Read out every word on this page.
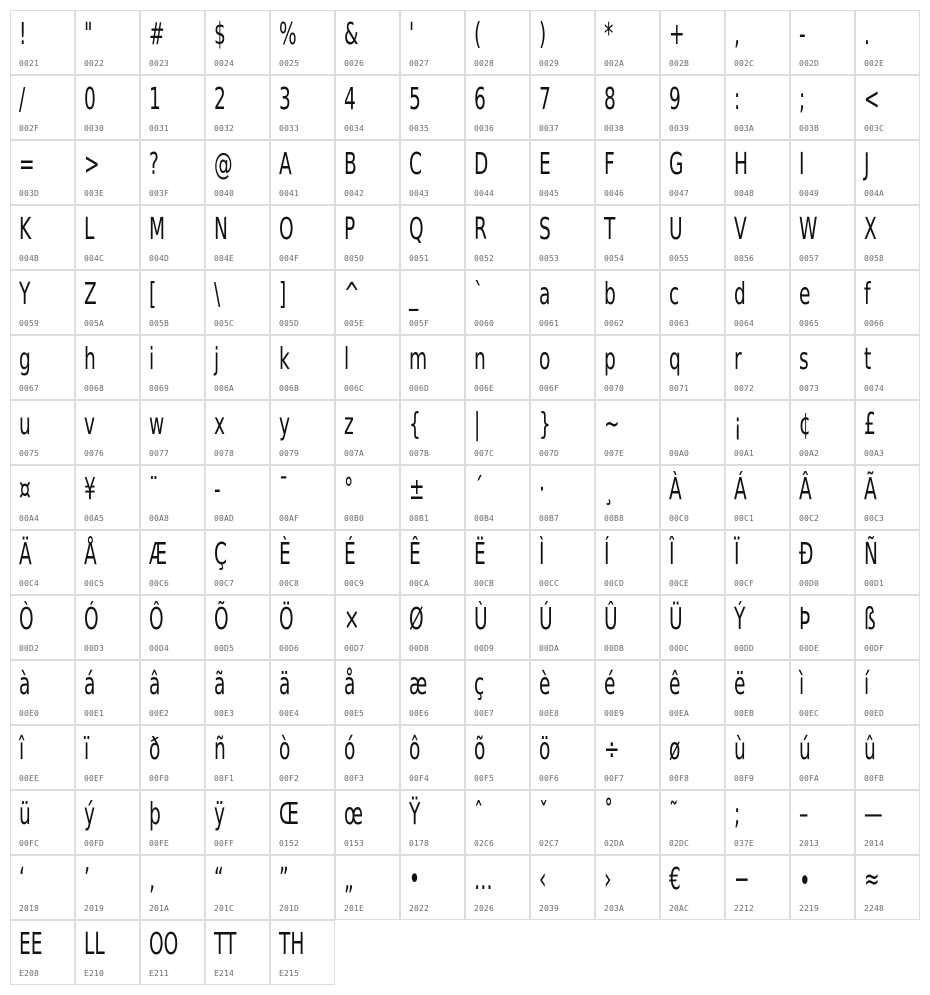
!
0021
"
0022
#
0023
$
0024
%
0025
&
0026
'
0027
(
0028
)
0029
*
002A
+
002B
,
002C
-
002D
.
002E
/
002F
0
0030
1
0031
2
0032
3
0033
4
0034
5
0035
6
0036
7
0037
8
0038
9
0039
:
003A
;
003B
<
003C
=
003D
>
003E
?
003F
@
0040
A
0041
B
0042
C
0043
D
0044
E
0045
F
0046
G
0047
H
0048
I
0049
J
004A
K
004B
L
004C
M
004D
N
004E
O
004F
P
0050
Q
0051
R
0052
S
0053
T
0054
U
0055
V
0056
W
0057
X
0058
Y
0059
Z
005A
[
005B
\
005C
]
005D
^
005E
_
005F
`
0060
a
0061
b
0062
c
0063
d
0064
e
0065
f
0066
g
0067
h
0068
i
0069
j
006A
k
006B
l
006C
m
006D
n
006E
o
006F
p
0070
q
0071
r
0072
s
0073
t
0074
u
0075
v
0076
w
0077
x
0078
y
0079
z
007A
{
007B
|
007C
}
007D
~
007E	00A0
¡
00A1
¢
00A2
£
00A3
¤
00A4
¥
00A5
¨
00A8
-
00AD
¯
00AF
°
00B0
±
00B1
´
00B4
·
00B7
¸
00B8
À
00C0
Á
00C1
Â
00C2
Ã
00C3
Ä
00C4
Å
00C5
Æ
00C6
Ç
00C7
È
00C8
É
00C9
Ê
00CA
Ë
00CB
Ì
00CC
Í
00CD
Î
00CE
Ï
00CF
Ð
00D0
Ñ
00D1
Ò
00D2
Ó
00D3
Ô
00D4
Õ
00D5
Ö
00D6
×
00D7
Ø
00D8
Ù
00D9
Ú
00DA
Û
00DB
Ü
00DC
Ý
00DD
Þ
00DE
ß
00DF
à
00E0
á
00E1
â
00E2
ã
00E3
ä
00E4
å
00E5
æ
00E6
ç
00E7
è
00E8
é
00E9
ê
00EA
ë
00EB
ì
00EC
í
00ED
î
00EE
ï
00EF
ð
00F0
ñ
00F1
ò
00F2
ó
00F3
ô
00F4
õ
00F5
ö
00F6
÷
00F7
ø
00F8
ù
00F9
ú
00FA
û
00FB
ü
00FC
ý
00FD
þ
00FE
ÿ
00FF
Œ
0152
œ
0153
Ÿ
0178
ˆ
02C6
ˇ
02C7
˚
02DA
˜
02DC
;
037E
–
2013
—
2014
‘
2018
’
2019
‚
201A
“
201C
”
201D
„
201E
•
2022
…
2026
‹
2039
›
203A
€
20AC
−
2212
∙
2219
≈
2248
EE
E208
LL
E210
OO
E211
TT
E214
TH
E215
